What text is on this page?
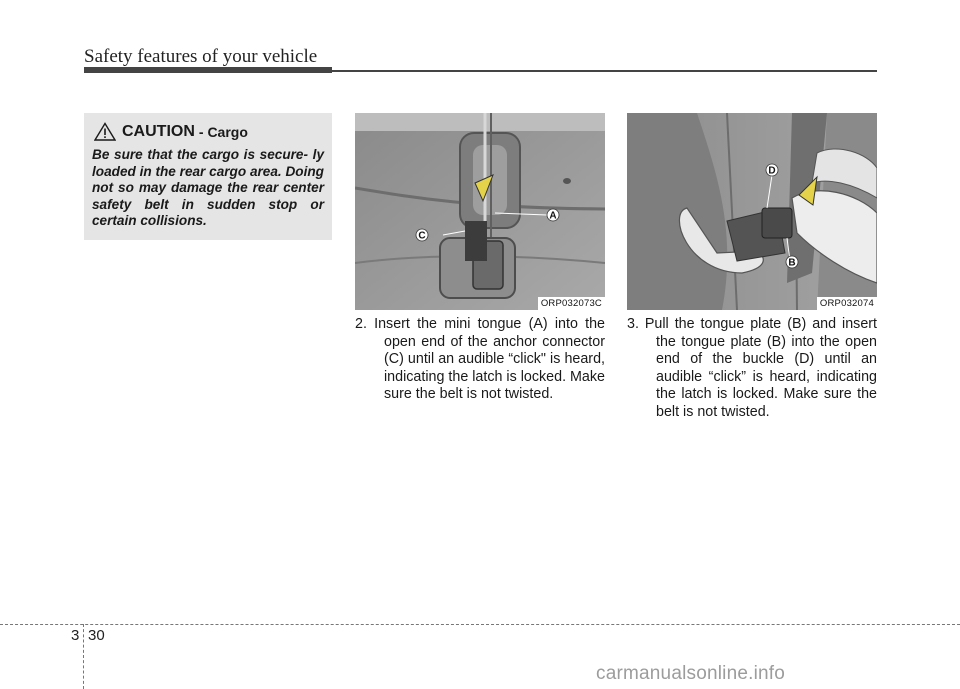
Safety features of your vehicle
CAUTION - Cargo
Be sure that the cargo is secure- ly loaded in the rear cargo area. Doing not so may damage the rear center safety belt in sudden stop or certain collisions.	A
C
ORP032073C
D
B
ORP032074
2. Insert the mini tongue (A) into the open end of the anchor connector (C) until an audible “click" is heard, indicating the latch is locked. Make sure the belt is not twisted.
3. Pull the tongue plate (B) and insert the tongue plate (B) into the open end of the buckle (D) until an audible “click” is heard, indicating the latch is locked. Make sure the belt is not twisted.
3 30
carmanualsonline.info
